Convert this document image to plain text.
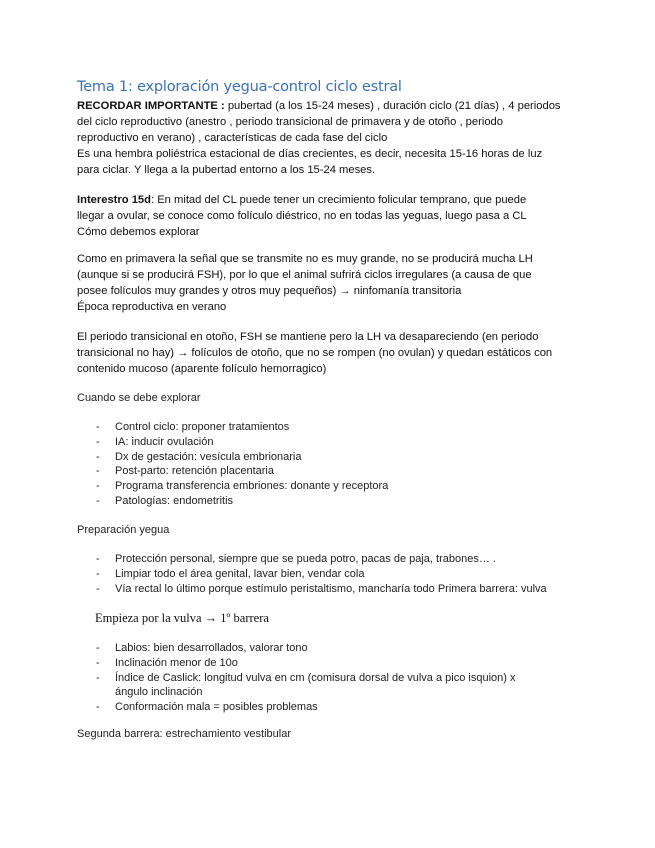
Tema 1: exploración yegua-control ciclo estral
RECORDAR IMPORTANTE : pubertad (a los 15-24 meses) , duración ciclo (21 días) , 4 periodos
del ciclo reproductivo (anestro , periodo transicional de primavera y de otoño , periodo
reproductivo en verano) , características de cada fase del ciclo
Es una hembra poliéstrica estacional de días crecientes, es decir, necesita 15-16 horas de luz
para ciclar. Y llega a la pubertad entorno a los 15-24 meses.
Interestro 15d: En mitad del CL puede tener un crecimiento folicular temprano, que puede
llegar a ovular, se conoce como folículo diéstrico, no en todas las yeguas, luego pasa a CL
Cómo debemos explorar
Como en primavera la señal que se transmite no es muy grande, no se producirá mucha LH
(aunque si se producirá FSH), por lo que el animal sufrirá ciclos irregulares (a causa de que
posee folículos muy grandes y otros muy pequeños) → ninfomanía transitoria
Época reproductiva en verano
El periodo transicional en otoño, FSH se mantiene pero la LH va desapareciendo (en periodo
transicional no hay) → folículos de otoño, que no se rompen (no ovulan) y quedan estáticos con
contenido mucoso (aparente folículo hemorragico)
Cuando se debe explorar
- Control ciclo: proponer tratamientos
- IA: inducir ovulación
- Dx de gestación: vesícula embrionaria
- Post-parto: retención placentaria
- Programa transferencia embriones: donante y receptora
- Patologías: endometritis
Preparación yegua
- Protección personal, siempre que se pueda potro, pacas de paja, trabones… .
- Limpiar todo el área genital, lavar bien, vendar cola
- Vía rectal lo último porque estímulo peristaltismo, mancharía todo Primera barrera: vulva
Empieza por la vulva → 1º barrera
- Labios: bien desarrollados, valorar tono
- Inclinación menor de 10o
- Índice de Caslick: longitud vulva en cm (comisura dorsal de vulva a pico isquion) x
ángulo inclinación
- Conformación mala = posibles problemas
Segunda barrera: estrechamiento vestibular
